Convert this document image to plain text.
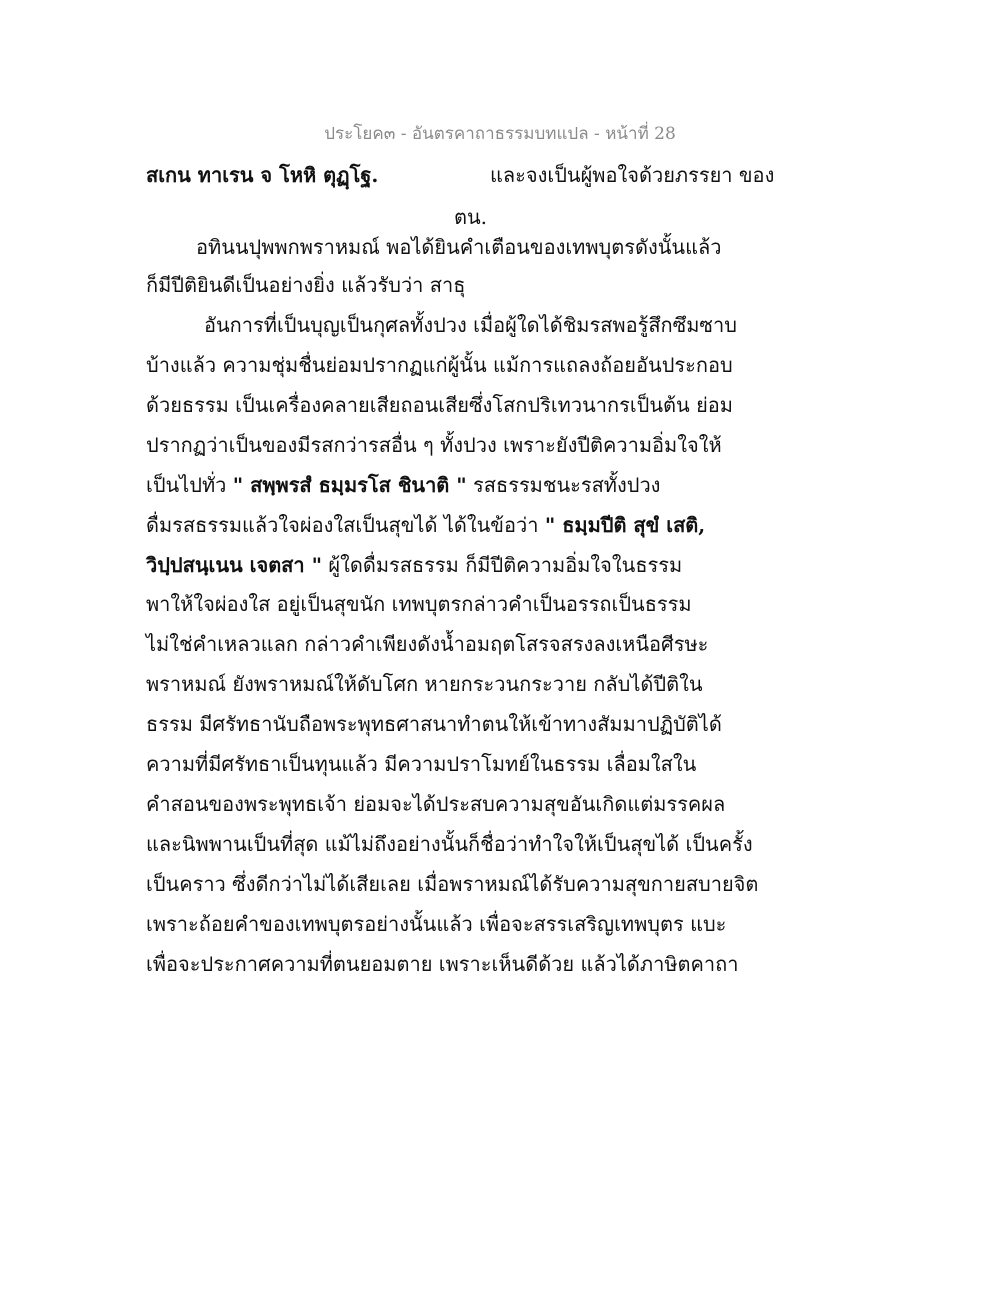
ประโยค๓ - อันตรคาถาธรรมบทแปล - หน้าที่ 28
สเกน ทาเรน จ โหหิ ตุฏฺโฐ.	และจงเป็นผู้พอใจด้วยภรรยา ของ
ตน.
อทินนปุพพกพราหมณ์ พอได้ยินคำเตือนของเทพบุตรดังนั้นแล้ว
ก็มีปีติยินดีเป็นอย่างยิ่ง แล้วรับว่า สาธุ
อันการที่เป็นบุญเป็นกุศลทั้งปวง เมื่อผู้ใดได้ชิมรสพอรู้สึกซึมซาบ
บ้างแล้ว ความชุ่มชื่นย่อมปรากฏแก่ผู้นั้น แม้การแถลงถ้อยอันประกอบ
ด้วยธรรม เป็นเครื่องคลายเสียถอนเสียซึ่งโสกปริเทวนากรเป็นต้น ย่อม
ปรากฏว่าเป็นของมีรสกว่ารสอื่น ๆ ทั้งปวง เพราะยังปีติความอิ่มใจให้
เป็นไปทั่ว " สพฺพรสํ ธมฺมรโส ชินาติ " รสธรรมชนะรสทั้งปวง
ดื่มรสธรรมแล้วใจผ่องใสเป็นสุขได้ ได้ในข้อว่า " ธมฺมปีติ สุขํ เสติ,
วิปฺปสนฺเนน เจตสา " ผู้ใดดื่มรสธรรม ก็มีปีติความอิ่มใจในธรรม
พาให้ใจผ่องใส อยู่เป็นสุขนัก เทพบุตรกล่าวคำเป็นอรรถเป็นธรรม
ไม่ใช่คำเหลวแลก กล่าวคำเพียงดังน้ำอมฤตโสรจสรงลงเหนือศีรษะ
พราหมณ์ ยังพราหมณ์ให้ดับโศก หายกระวนกระวาย กลับได้ปีติใน
ธรรม มีศรัทธานับถือพระพุทธศาสนาทำตนให้เข้าทางสัมมาปฏิบัติได้
ความที่มีศรัทธาเป็นทุนแล้ว มีความปราโมทย์ในธรรม เลื่อมใสใน
คำสอนของพระพุทธเจ้า ย่อมจะได้ประสบความสุขอันเกิดแต่มรรคผล
และนิพพานเป็นที่สุด แม้ไม่ถึงอย่างนั้นก็ชื่อว่าทำใจให้เป็นสุขได้ เป็นครั้ง
เป็นคราว ซึ่งดีกว่าไม่ได้เสียเลย เมื่อพราหมณ์ได้รับความสุขกายสบายจิต
เพราะถ้อยคำของเทพบุตรอย่างนั้นแล้ว เพื่อจะสรรเสริญเทพบุตร แบะ
เพื่อจะประกาศความที่ตนยอมตาย เพราะเห็นดีด้วย แล้วได้ภาษิตคาถา
